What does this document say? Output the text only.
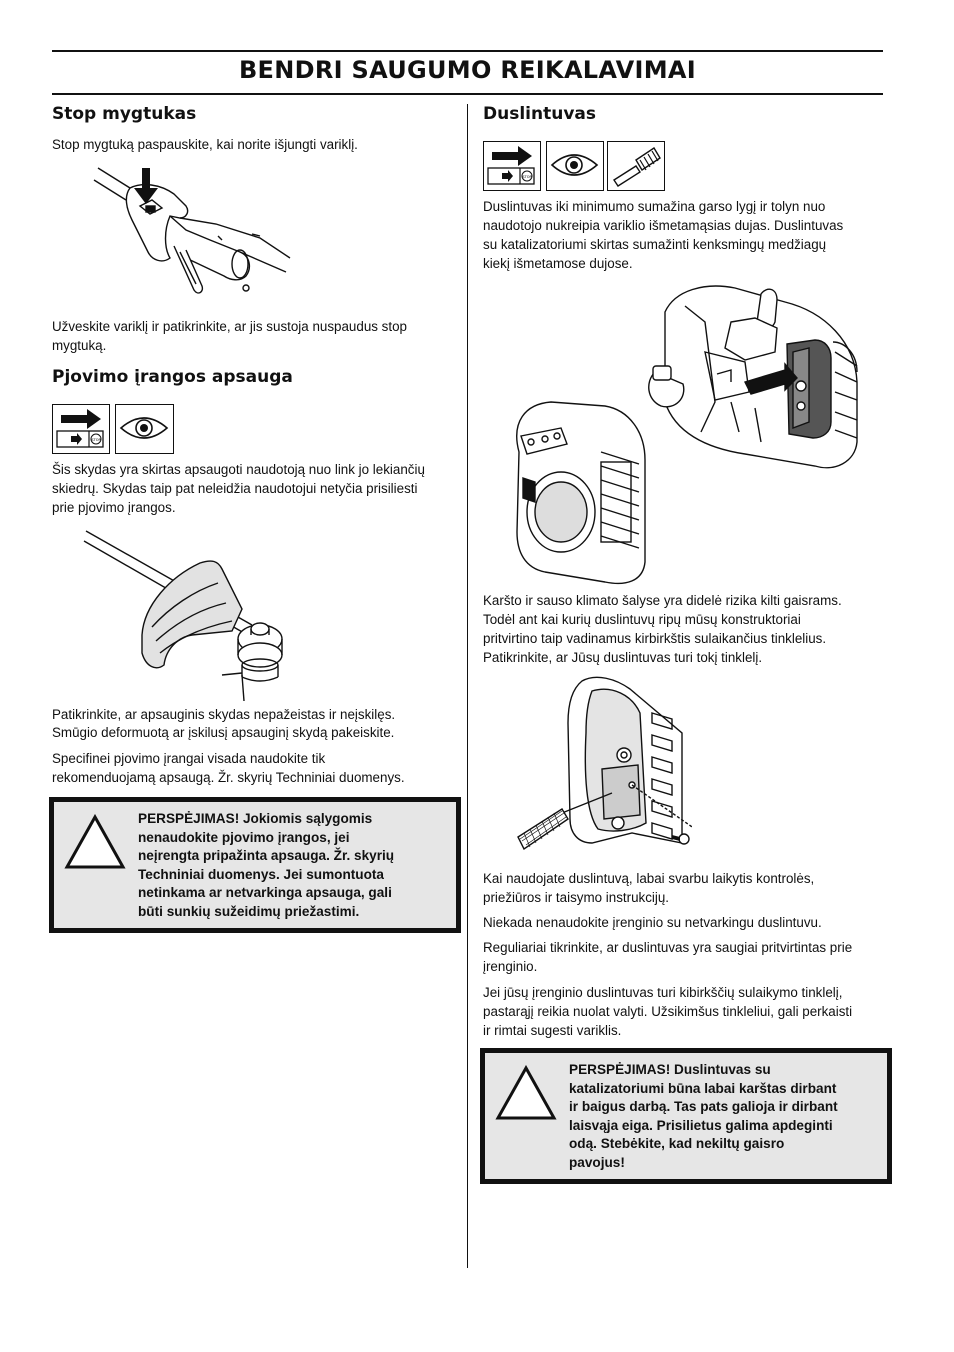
BENDRI SAUGUMO REIKALAVIMAI
Stop mygtukas
Stop mygtuką paspauskite, kai norite išjungti variklį.
Užveskite variklį ir patikrinkite, ar jis sustoja nuspaudus stop
mygtuką.
Pjovimo įrangos apsauga
STOP
Šis skydas yra skirtas apsaugoti naudotoją nuo link jo lekiančių
skiedrų. Skydas taip pat neleidžia naudotojui netyčia prisiliesti
prie pjovimo įrangos.
Patikrinkite, ar apsauginis skydas nepažeistas ir neįskilęs.
Smūgio deformuotą ar įskilusį apsauginį skydą pakeiskite.
Specifinei pjovimo įrangai visada naudokite tik
rekomenduojamą apsaugą. Žr. skyrių Techniniai duomenys.
PERSPĖJIMAS! Jokiomis sąlygomis
nenaudokite pjovimo įrangos, jei
neįrengta pripažinta apsauga. Žr. skyrių
Techniniai duomenys. Jei sumontuota
netinkama ar netvarkinga apsauga, gali
būti sunkių sužeidimų priežastimi.
Duslintuvas
STOP
Duslintuvas iki minimumo sumažina garso lygį ir tolyn nuo
naudotojo nukreipia variklio išmetamąsias dujas. Duslintuvas
su katalizatoriumi skirtas sumažinti kenksmingų medžiagų
kiekį išmetamose dujose.
Karšto ir sauso klimato šalyse yra didelė rizika kilti gaisrams.
Todėl ant kai kurių duslintuvų ripų mūsų konstruktoriai
pritvirtino taip vadinamus kirbirkštis sulaikančius tinklelius.
Patikrinkite, ar Jūsų duslintuvas turi tokį tinklelį.
Kai naudojate duslintuvą, labai svarbu laikytis kontrolės,
priežiūros ir taisymo instrukcijų.
Niekada nenaudokite įrenginio su netvarkingu duslintuvu.
Reguliariai tikrinkite, ar duslintuvas yra saugiai pritvirtintas prie
įrenginio.
Jei jūsų įrenginio duslintuvas turi kibirkščių sulaikymo tinklelį,
pastarąjį reikia nuolat valyti. Užsikimšus tinkleliui, gali perkaisti
ir rimtai sugesti variklis.
PERSPĖJIMAS! Duslintuvas su
katalizatoriumi būna labai karštas dirbant
ir baigus darbą. Tas pats galioja ir dirbant
laisvąja eiga. Prisilietus galima apdeginti
odą. Stebėkite, kad nekiltų gaisro
pavojus!
